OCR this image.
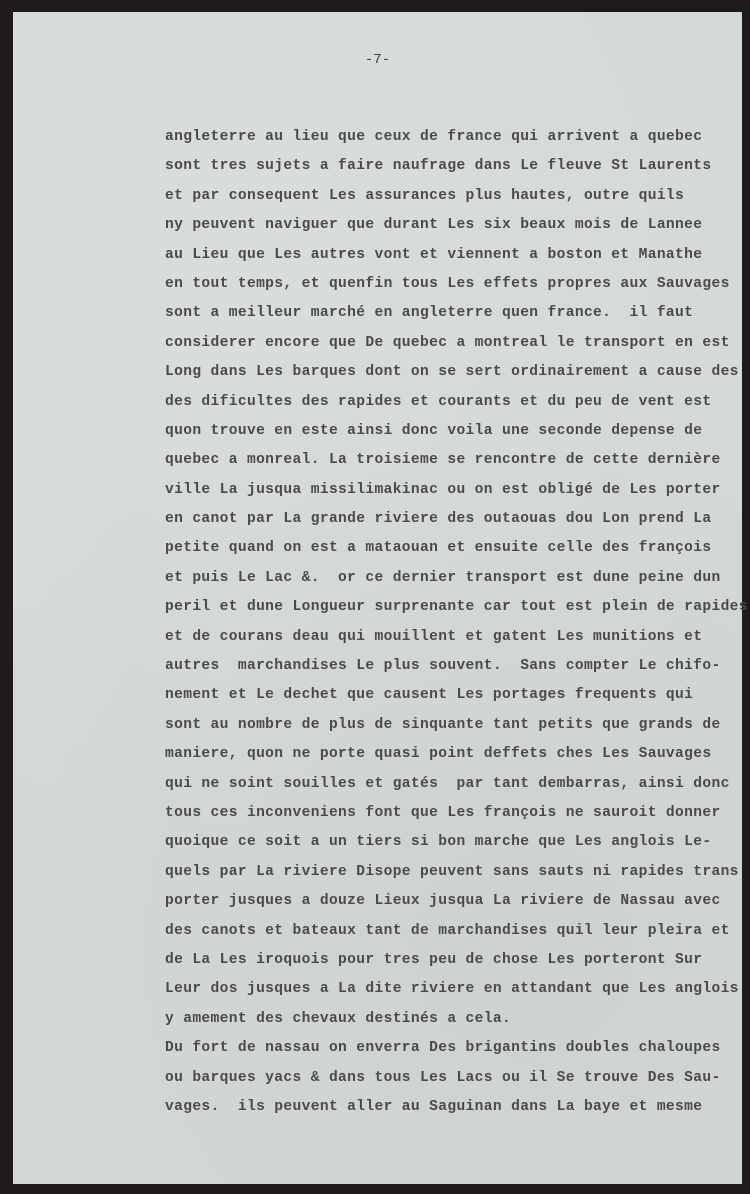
-7-
angleterre au lieu que ceux de france qui arrivent a quebec
sont tres sujets a faire naufrage dans Le fleuve St Laurents
et par consequent Les assurances plus hautes, outre quils
ny peuvent naviguer que durant Les six beaux mois de Lannee
au Lieu que Les autres vont et viennent a boston et Manathe
en tout temps, et quenfin tous Les effets propres aux Sauvages
sont a meilleur marché en angleterre quen france.  il faut
considerer encore que De quebec a montreal le transport en est
Long dans Les barques dont on se sert ordinairement a cause des
des dificultes des rapides et courants et du peu de vent est
quon trouve en este ainsi donc voila une seconde depense de
quebec a monreal. La troisieme se rencontre de cette dernière
ville La jusqua missilimakinac ou on est obligé de Les porter
en canot par La grande riviere des outaouas dou Lon prend La
petite quand on est a mataouan et ensuite celle des françois
et puis Le Lac &.  or ce dernier transport est dune peine dun
peril et dune Longueur surprenante car tout est plein de rapides
et de courans deau qui mouillent et gatent Les munitions et
autres  marchandises Le plus souvent.  Sans compter Le chifo-
nement et Le dechet que causent Les portages frequents qui
sont au nombre de plus de sinquante tant petits que grands de
maniere, quon ne porte quasi point deffets ches Les Sauvages
qui ne soint souilles et gatés  par tant dembarras, ainsi donc
tous ces inconveniens font que Les françois ne sauroit donner
quoique ce soit a un tiers si bon marche que Les anglois Le-
quels par La riviere Disope peuvent sans sauts ni rapides trans
porter jusques a douze Lieux jusqua La riviere de Nassau avec
des canots et bateaux tant de marchandises quil leur pleira et
de La Les iroquois pour tres peu de chose Les porteront Sur
Leur dos jusques a La dite riviere en attandant que Les anglois
y amement des chevaux destinés a cela.
Du fort de nassau on enverra Des brigantins doubles chaloupes
ou barques yacs & dans tous Les Lacs ou il Se trouve Des Sau-
vages.  ils peuvent aller au Saguinan dans La baye et mesme
